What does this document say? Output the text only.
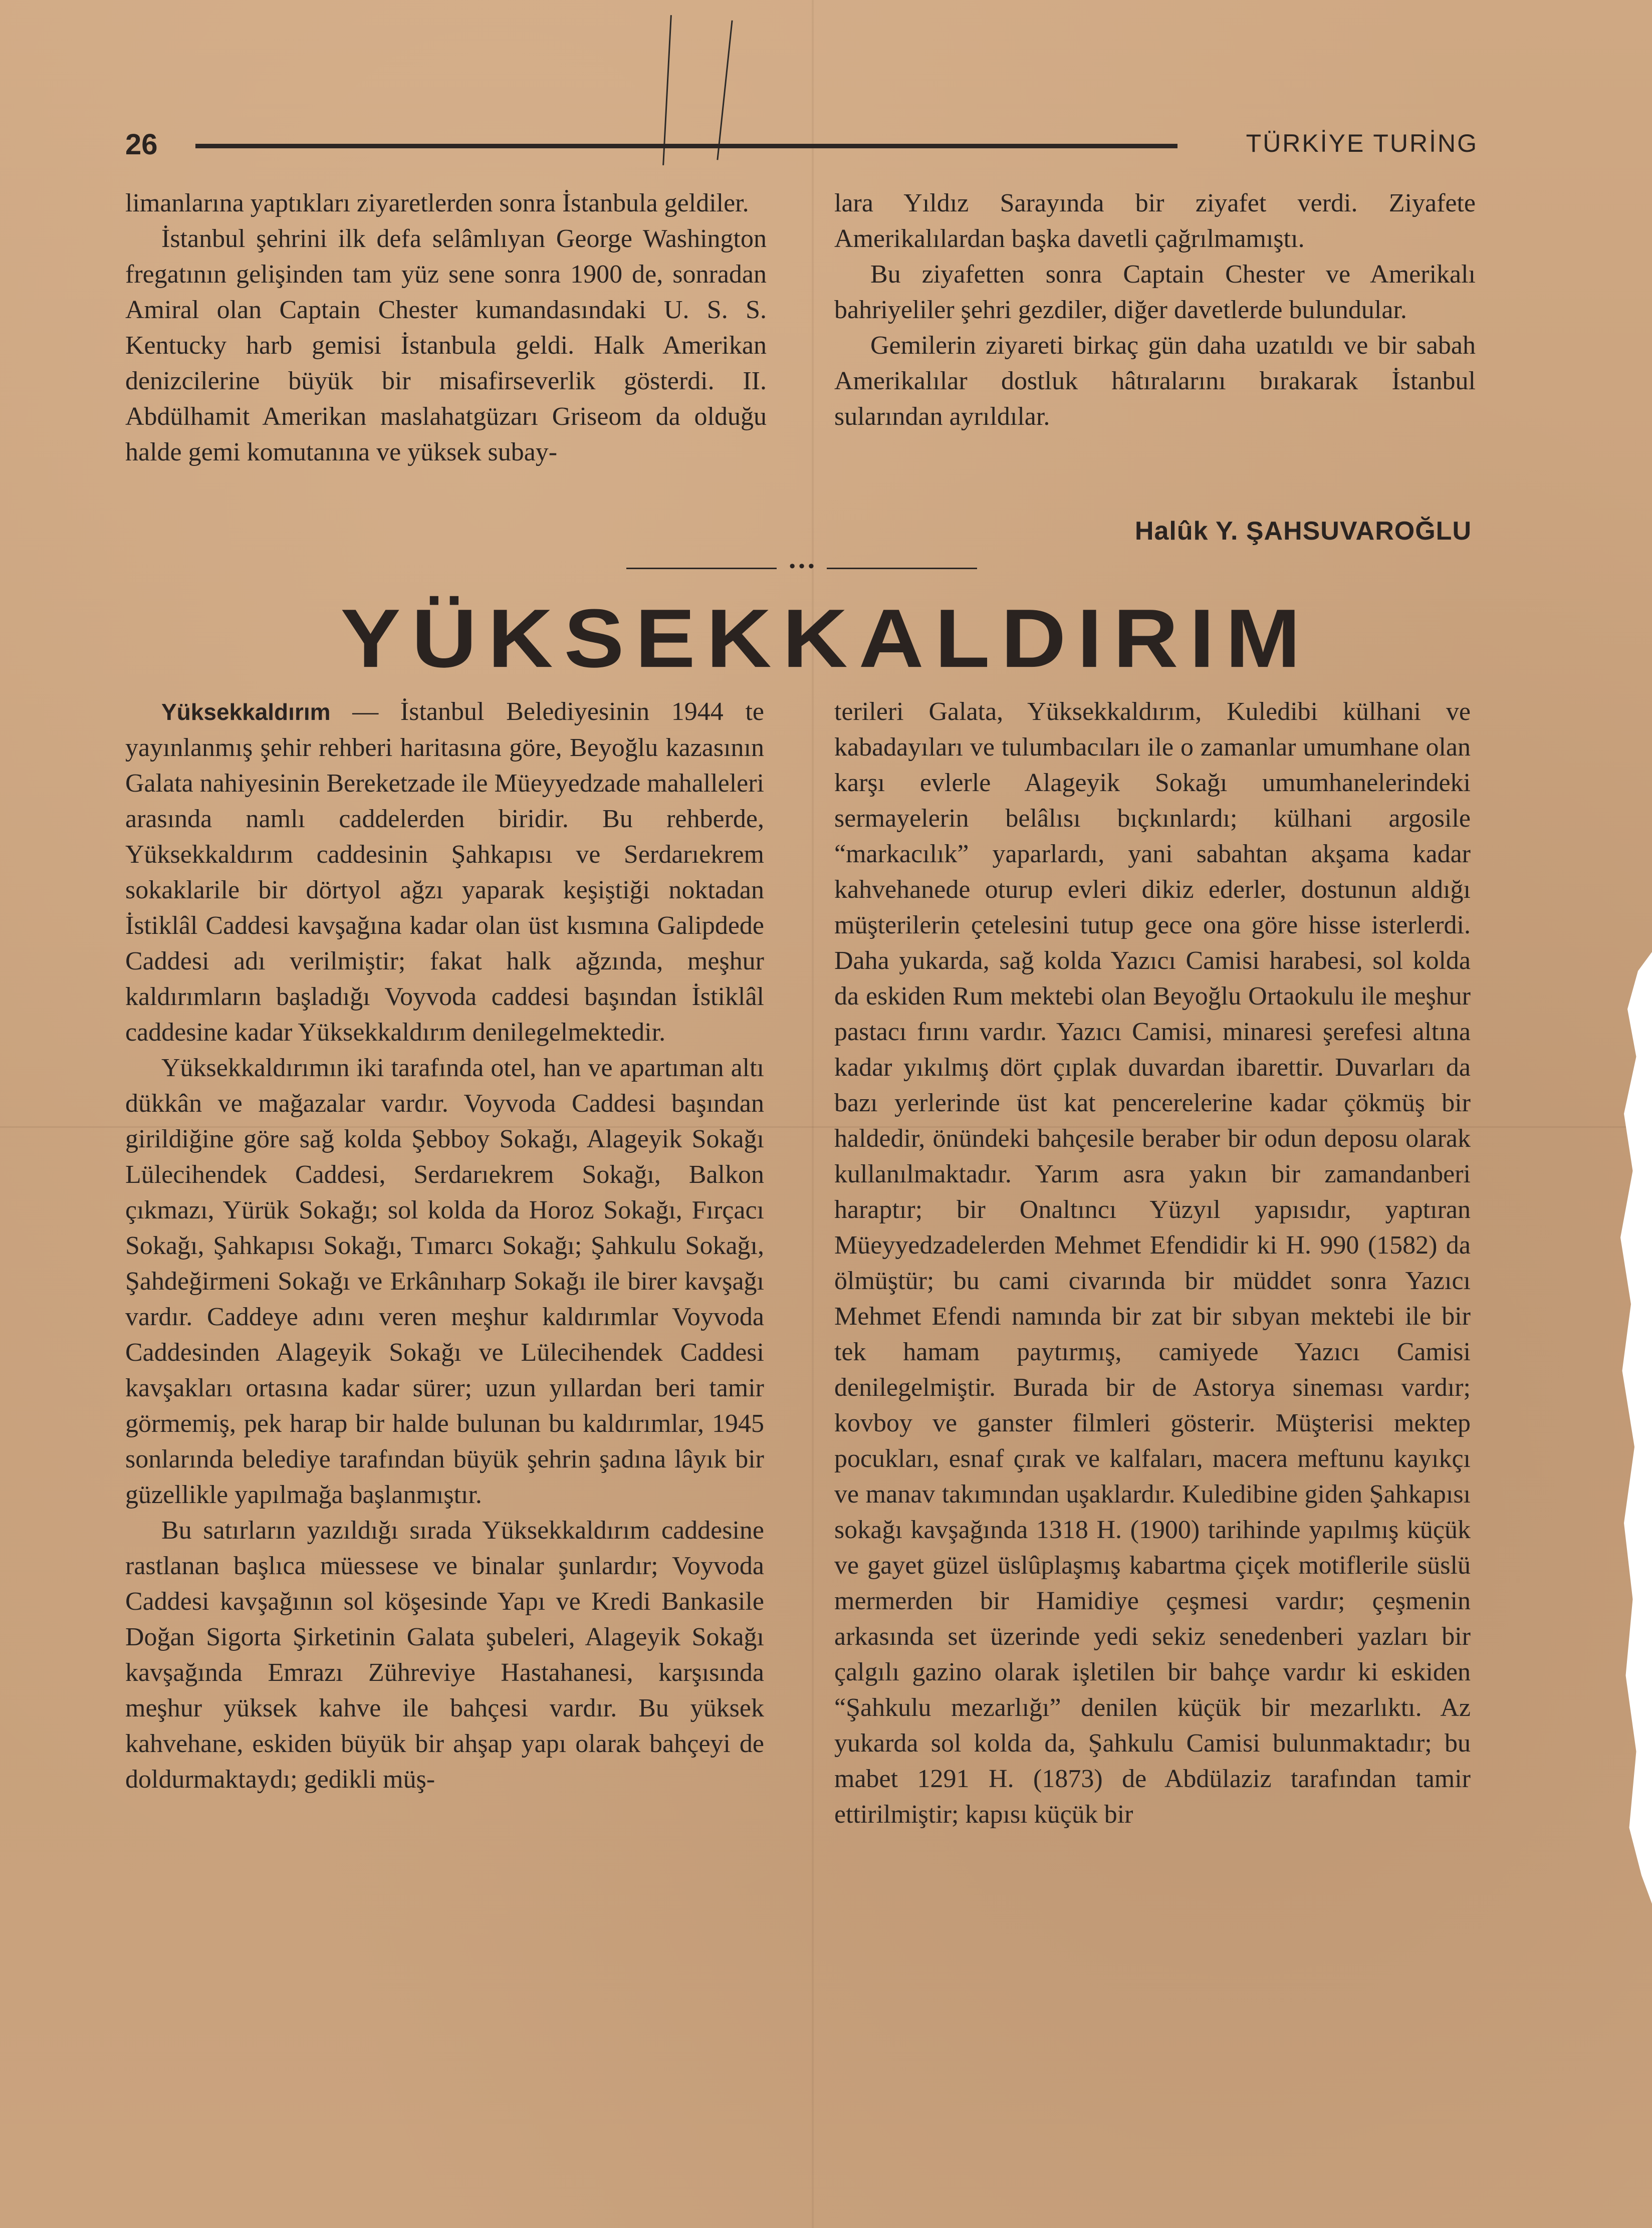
26	TÜRKİYE TURİNG

limanlarına yaptıkları ziyaretlerden sonra İstanbula geldiler.

İstanbul şehrini ilk defa selâmlıyan George Washington fregatının gelişinden tam yüz sene sonra 1900 de, sonradan Amiral olan Captain Chester kumandasındaki U. S. S. Kentucky harb gemisi İstanbula geldi. Halk Amerikan denizcilerine büyük bir misafirseverlik gösterdi. II. Abdülhamit Amerikan maslahatgüzarı Griseom da olduğu halde gemi komutanına ve yüksek subay-

lara Yıldız Sarayında bir ziyafet verdi. Ziyafete Amerikalılardan başka davetli çağrılmamıştı.

Bu ziyafetten sonra Captain Chester ve Amerikalı bahriyeliler şehri gezdiler, diğer davetlerde bulundular.

Gemilerin ziyareti birkaç gün daha uzatıldı ve bir sabah Amerikalılar dostluk hâtıralarını bırakarak İstanbul sularından ayrıldılar.

Halûk Y. ŞAHSUVAROĞLU
•••
YÜKSEKKALDIRIM

Yüksekkaldırım — İstanbul Belediyesinin 1944 te yayınlanmış şehir rehberi haritasına göre, Beyoğlu kazasının Galata nahiyesinin Bereketzade ile Müeyyedzade mahalleleri arasında namlı caddelerden biridir. Bu rehberde, Yüksekkaldırım caddesinin Şahkapısı ve Serdarıekrem sokaklarile bir dörtyol ağzı yaparak keşiştiği noktadan İstiklâl Caddesi kavşağına kadar olan üst kısmına Galipdede Caddesi adı verilmiştir; fakat halk ağzında, meşhur kaldırımların başladığı Voyvoda caddesi başından İstiklâl caddesine kadar Yüksekkaldırım denilegelmektedir.

Yüksekkaldırımın iki tarafında otel, han ve apartıman altı dükkân ve mağazalar vardır. Voyvoda Caddesi başından girildiğine göre sağ kolda Şebboy Sokağı, Alageyik Sokağı Lülecihendek Caddesi, Serdarıekrem Sokağı, Balkon çıkmazı, Yürük Sokağı; sol kolda da Horoz Sokağı, Fırçacı Sokağı, Şahkapısı Sokağı, Tımarcı Sokağı; Şahkulu Sokağı, Şahdeğirmeni Sokağı ve Erkânıharp Sokağı ile birer kavşağı vardır. Caddeye adını veren meşhur kaldırımlar Voyvoda Caddesinden Alageyik Sokağı ve Lülecihendek Caddesi kavşakları ortasına kadar sürer; uzun yıllardan beri tamir görmemiş, pek harap bir halde bulunan bu kaldırımlar, 1945 sonlarında belediye tarafından büyük şehrin şadına lâyık bir güzellikle yapılmağa başlanmıştır.

Bu satırların yazıldığı sırada Yüksekkaldırım caddesine rastlanan başlıca müessese ve binalar şunlardır; Voyvoda Caddesi kavşağının sol köşesinde Yapı ve Kredi Bankasile Doğan Sigorta Şirketinin Galata şubeleri, Alageyik Sokağı kavşağında Emrazı Zühreviye Hastahanesi, karşısında meşhur yüksek kahve ile bahçesi vardır. Bu yüksek kahvehane, eskiden büyük bir ahşap yapı olarak bahçeyi de doldurmaktaydı; gedikli müş-

terileri Galata, Yüksekkaldırım, Kuledibi külhani ve kabadayıları ve tulumbacıları ile o zamanlar umumhane olan karşı evlerle Alageyik Sokağı umumhanelerindeki sermayelerin belâlısı bıçkınlardı; külhani argosile “markacılık” yaparlardı, yani sabahtan akşama kadar kahvehanede oturup evleri dikiz ederler, dostunun aldığı müşterilerin çetelesini tutup gece ona göre hisse isterlerdi. Daha yukarda, sağ kolda Yazıcı Camisi harabesi, sol kolda da eskiden Rum mektebi olan Beyoğlu Ortaokulu ile meşhur pastacı fırını vardır. Yazıcı Camisi, minaresi şerefesi altına kadar yıkılmış dört çıplak duvardan ibarettir. Duvarları da bazı yerlerinde üst kat pencerelerine kadar çökmüş bir haldedir, önündeki bahçesile beraber bir odun deposu olarak kullanılmaktadır. Yarım asra yakın bir zamandanberi haraptır; bir Onaltıncı Yüzyıl yapısıdır, yaptıran Müeyyedzadelerden Mehmet Efendidir ki H. 990 (1582) da ölmüştür; bu cami civarında bir müddet sonra Yazıcı Mehmet Efendi namında bir zat bir sıbyan mektebi ile bir tek hamam paytırmış, camiyede Yazıcı Camisi denilegelmiştir. Burada bir de Astorya sineması vardır; kovboy ve ganster filmleri gösterir. Müşterisi mektep pocukları, esnaf çırak ve kalfaları, macera meftunu kayıkçı ve manav takımından uşaklardır. Kuledibine giden Şahkapısı sokağı kavşağında 1318 H. (1900) tarihinde yapılmış küçük ve gayet güzel üslûplaşmış kabartma çiçek motiflerile süslü mermerden bir Hamidiye çeşmesi vardır; çeşmenin arkasında set üzerinde yedi sekiz senedenberi yazları bir çalgılı gazino olarak işletilen bir bahçe vardır ki eskiden “Şahkulu mezarlığı” denilen küçük bir mezarlıktı. Az yukarda sol kolda da, Şahkulu Camisi bulunmaktadır; bu mabet 1291 H. (1873) de Abdülaziz tarafından tamir ettirilmiştir; kapısı küçük bir
